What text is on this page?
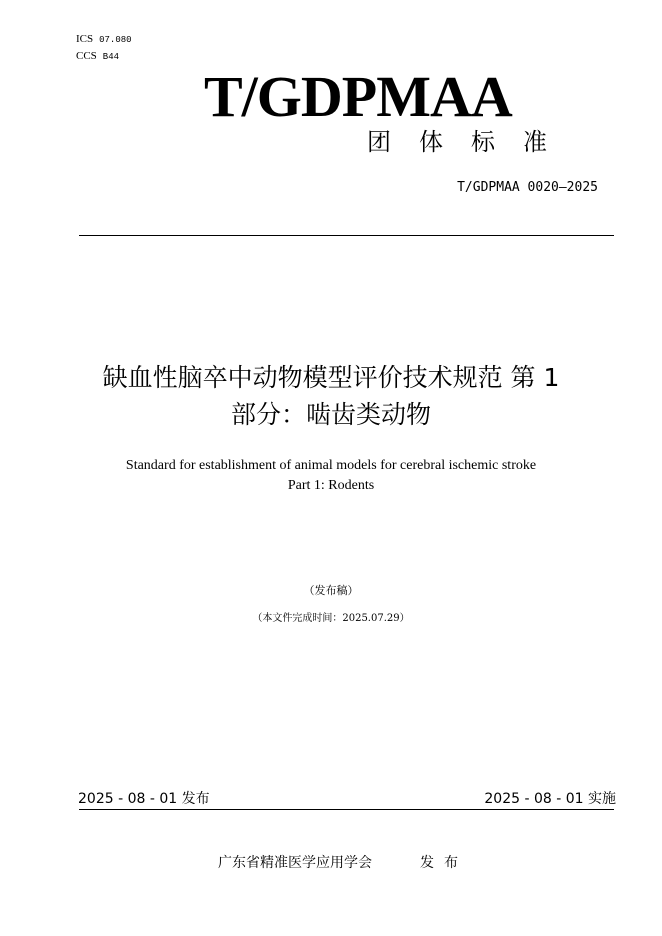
ICS 07.080
CCS B44
T/GDPMAA
团体标准
T/GDPMAA 0020—2025
缺血性脑卒中动物模型评价技术规范 第 1
部分：啮齿类动物
Standard for establishment of animal models for cerebral ischemic stroke
Part 1: Rodents
（发布稿）
（本文件完成时间：2025.07.29）
2025 - 08 - 01 发布	2025 - 08 - 01 实施
广东省精准医学应用学会	发布
